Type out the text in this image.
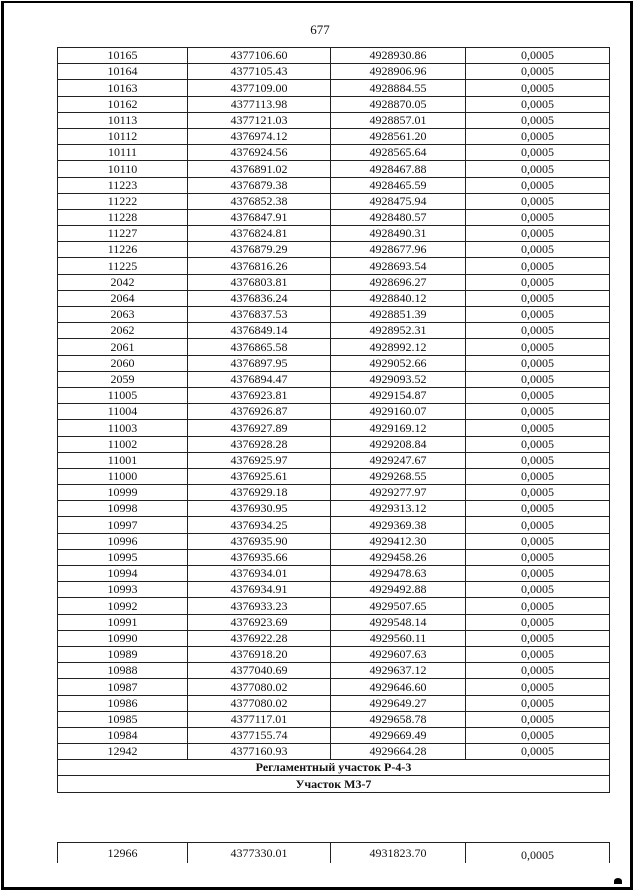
677
10165	4377106.60	4928930.86	0,0005
10164	4377105.43	4928906.96	0,0005
10163	4377109.00	4928884.55	0,0005
10162	4377113.98	4928870.05	0,0005
10113	4377121.03	4928857.01	0,0005
10112	4376974.12	4928561.20	0,0005
10111	4376924.56	4928565.64	0,0005
10110	4376891.02	4928467.88	0,0005
11223	4376879.38	4928465.59	0,0005
11222	4376852.38	4928475.94	0,0005
11228	4376847.91	4928480.57	0,0005
11227	4376824.81	4928490.31	0,0005
11226	4376879.29	4928677.96	0,0005
11225	4376816.26	4928693.54	0,0005
2042	4376803.81	4928696.27	0,0005
2064	4376836.24	4928840.12	0,0005
2063	4376837.53	4928851.39	0,0005
2062	4376849.14	4928952.31	0,0005
2061	4376865.58	4928992.12	0,0005
2060	4376897.95	4929052.66	0,0005
2059	4376894.47	4929093.52	0,0005
11005	4376923.81	4929154.87	0,0005
11004	4376926.87	4929160.07	0,0005
11003	4376927.89	4929169.12	0,0005
11002	4376928.28	4929208.84	0,0005
11001	4376925.97	4929247.67	0,0005
11000	4376925.61	4929268.55	0,0005
10999	4376929.18	4929277.97	0,0005
10998	4376930.95	4929313.12	0,0005
10997	4376934.25	4929369.38	0,0005
10996	4376935.90	4929412.30	0,0005
10995	4376935.66	4929458.26	0,0005
10994	4376934.01	4929478.63	0,0005
10993	4376934.91	4929492.88	0,0005
10992	4376933.23	4929507.65	0,0005
10991	4376923.69	4929548.14	0,0005
10990	4376922.28	4929560.11	0,0005
10989	4376918.20	4929607.63	0,0005
10988	4377040.69	4929637.12	0,0005
10987	4377080.02	4929646.60	0,0005
10986	4377080.02	4929649.27	0,0005
10985	4377117.01	4929658.78	0,0005
10984	4377155.74	4929669.49	0,0005
12942	4377160.93	4929664.28	0,0005
Регламентный участок Р-4-3			
Участок М3-7			
12966	4377330.01	4931823.70	0,0005
